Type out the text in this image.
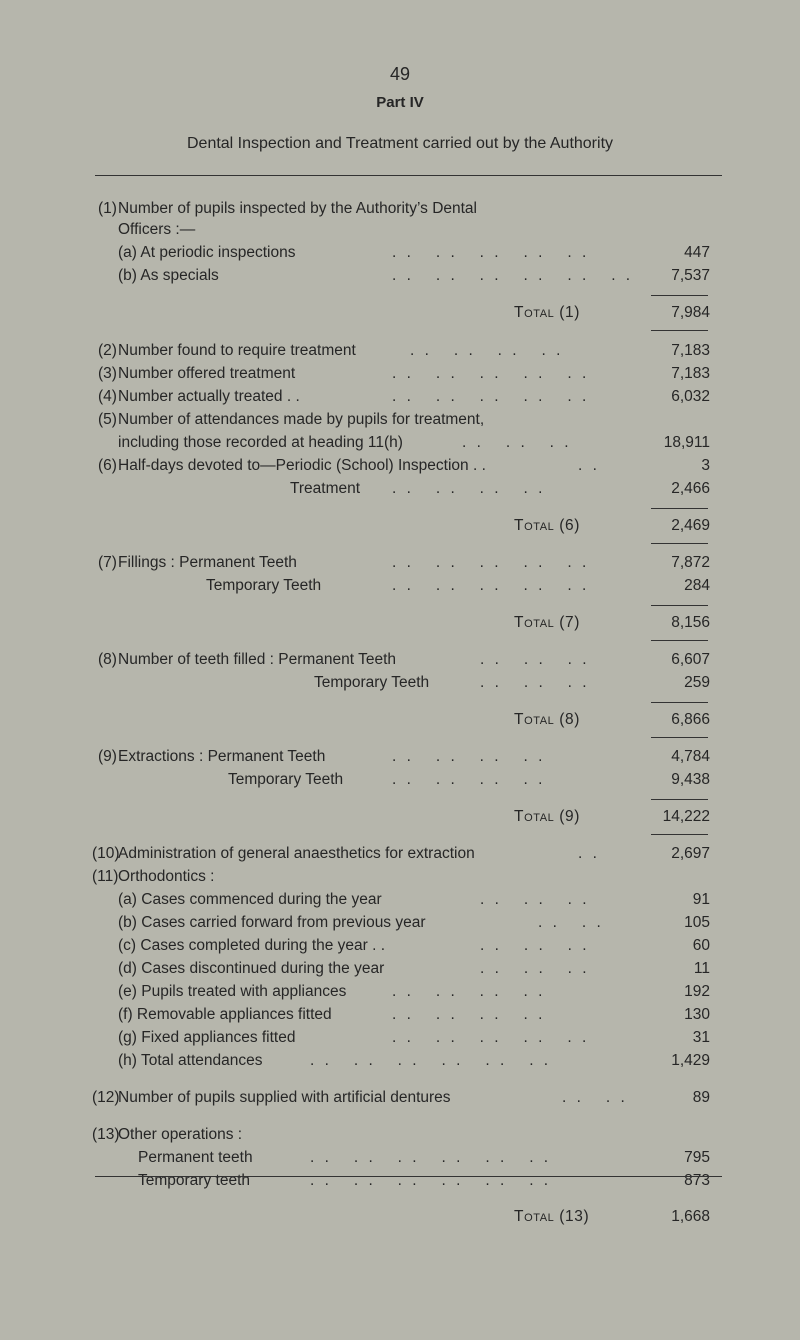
49
Part IV
Dental Inspection and Treatment carried out by the Authority
(1) Number of pupils inspected by the Authority’s Dental
Officers :—
(a) At periodic inspections	. .   . .   . .   . .   . .	447
(b) As specials	. .   . .   . .   . .   . .   . . 7,537
Total (1)	7,984
(2) Number found to require treatment	. .   . .   . .   . .	7,183
(3) Number offered treatment	. .   . .   . .   . .   . .	7,183
(4) Number actually treated . .	. .   . .   . .   . .   . .	6,032
(5) Number of attendances made by pupils for treatment,
including those recorded at heading 11(h)	. .   . .   . .	18,911
(6) Half-days devoted to—Periodic (School) Inspection . .	. .	3
Treatment . .   . .   . .   . .	2,466
Total (6)	2,469
(7) Fillings : Permanent Teeth	. .   . .   . .   . .   . .	7,872
Temporary Teeth	. .   . .   . .   . .   . .	284
Total (7)	8,156
(8) Number of teeth filled : Permanent Teeth	. .   . .   . .	6,607
Temporary Teeth	. .   . .   . .	259
Total (8)	6,866
(9) Extractions : Permanent Teeth	. .   . .   . .   . .	4,784
Temporary Teeth	. .   . .   . .   . .	9,438
Total (9)	14,222
(10)
Administration of general anaesthetics for extraction	. .	2,697
(11) Orthodontics :
(a) Cases commenced during the year	. .   . .   . .	91
(b) Cases carried forward from previous year	. .   . .	105
(c) Cases completed during the year . .	. .   . .   . .	60
(d) Cases discontinued during the year	. .   . .   . .	11
(e) Pupils treated with appliances	. .   . .   . .   . .	192
(f) Removable appliances fitted	. .   . .   . .   . .	130
(g) Fixed appliances fitted	. .   . .   . .   . .   . .	31
(h) Total attendances	. .   . .   . .   . .   . .   . .	1,429
(12)
Number of pupils supplied with artificial dentures	. .   . .	89
(13)
Other operations :
Permanent teeth	. .   . .   . .   . .   . .   . .	795
Temporary teeth	. .   . .   . .   . .   . .   . .	873
Total (13)	1,668
